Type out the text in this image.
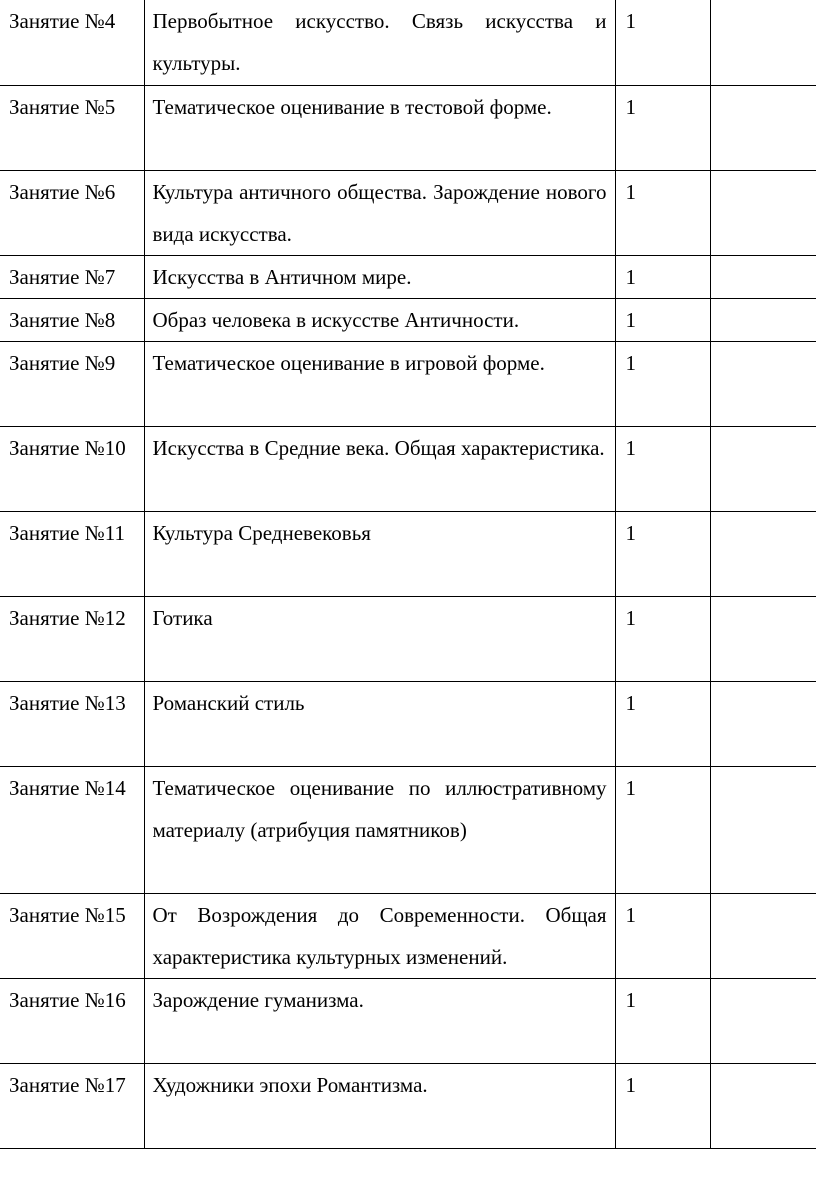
Занятие №4	Первобытное искусство. Связь искусства и культуры.	1	

Занятие №5	Тематическое оценивание в тестовой форме.	1	

Занятие №6	Культура античного общества. Зарождение нового вида искусства.	1	

Занятие №7	Искусства в Античном мире.	1	

Занятие №8	Образ человека в искусстве Античности.	1	

Занятие №9	Тематическое оценивание в игровой форме.	1	

Занятие №10	Искусства в Средние века. Общая характеристика.	1	

Занятие №11	Культура Средневековья	1	

Занятие №12	Готика	1	

Занятие №13	Романский стиль	1	

Занятие №14	Тематическое оценивание по иллюстративному материалу (атрибуция памятников)	1	

Занятие №15	От Возрождения до Современности. Общая характеристика культурных изменений.	1	

Занятие №16	Зарождение гуманизма.	1	

Занятие №17	Художники эпохи Романтизма.	1	
